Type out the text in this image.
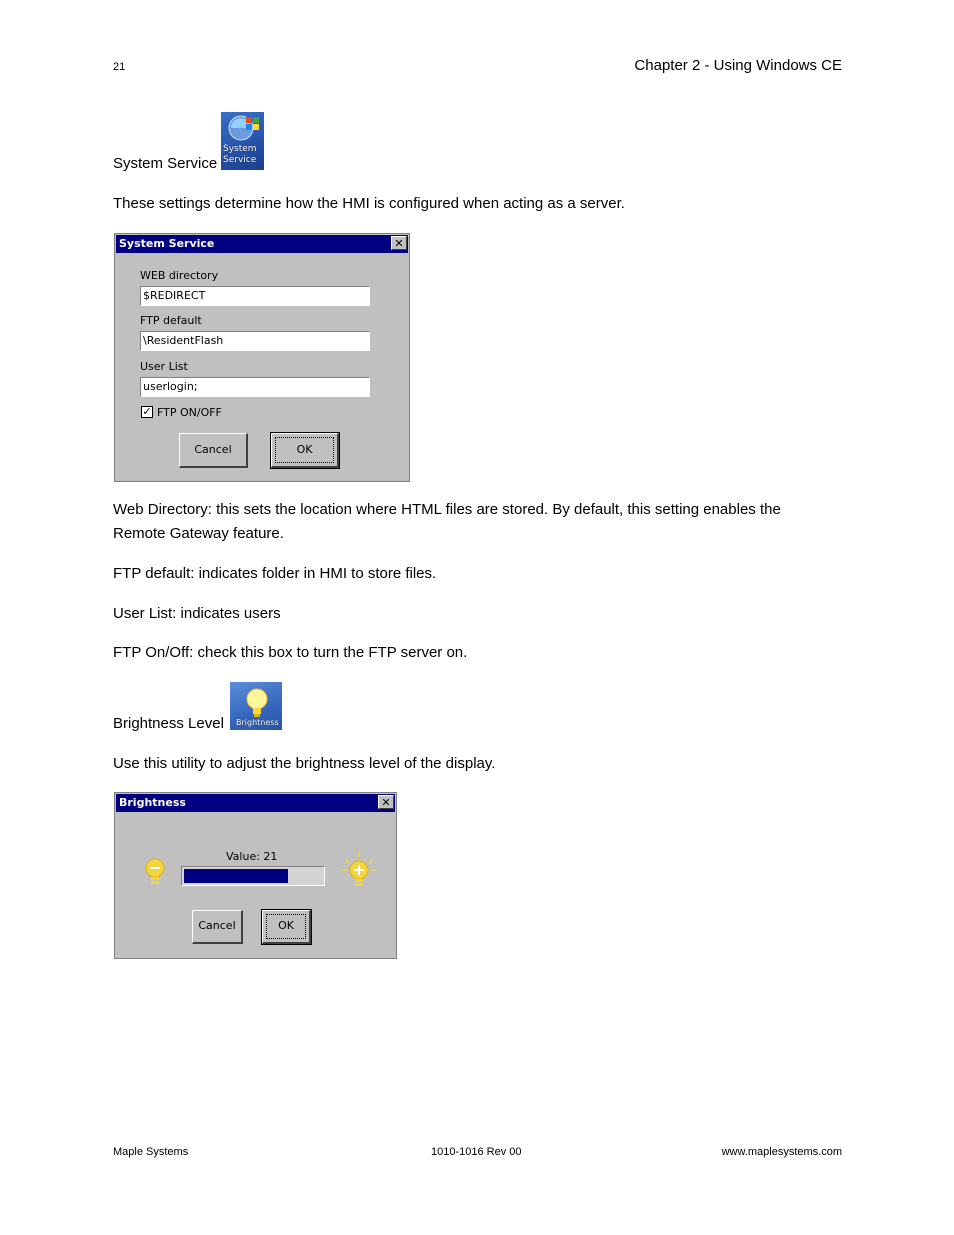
21	Chapter 2 - Using Windows CE
System Service
System
Service
These settings determine how the HMI is configured when acting as a server.
System Service	✕
WEB directory
$REDIRECT
FTP default
\ResidentFlash
User List
userlogin;
✓ FTP ON/OFF
Cancel	OK
Web Directory: this sets the location where HTML files are stored. By default, this setting enables the
Remote Gateway feature.
FTP default: indicates folder in HMI to store files.
User List: indicates users
FTP On/Off: check this box to turn the FTP server on.
Brightness Level Brightness
Use this utility to adjust the brightness level of the display.
Brightness	✕
Value: 21
Cancel	OK
Maple Systems	1010-1016 Rev 00	www.maplesystems.com
